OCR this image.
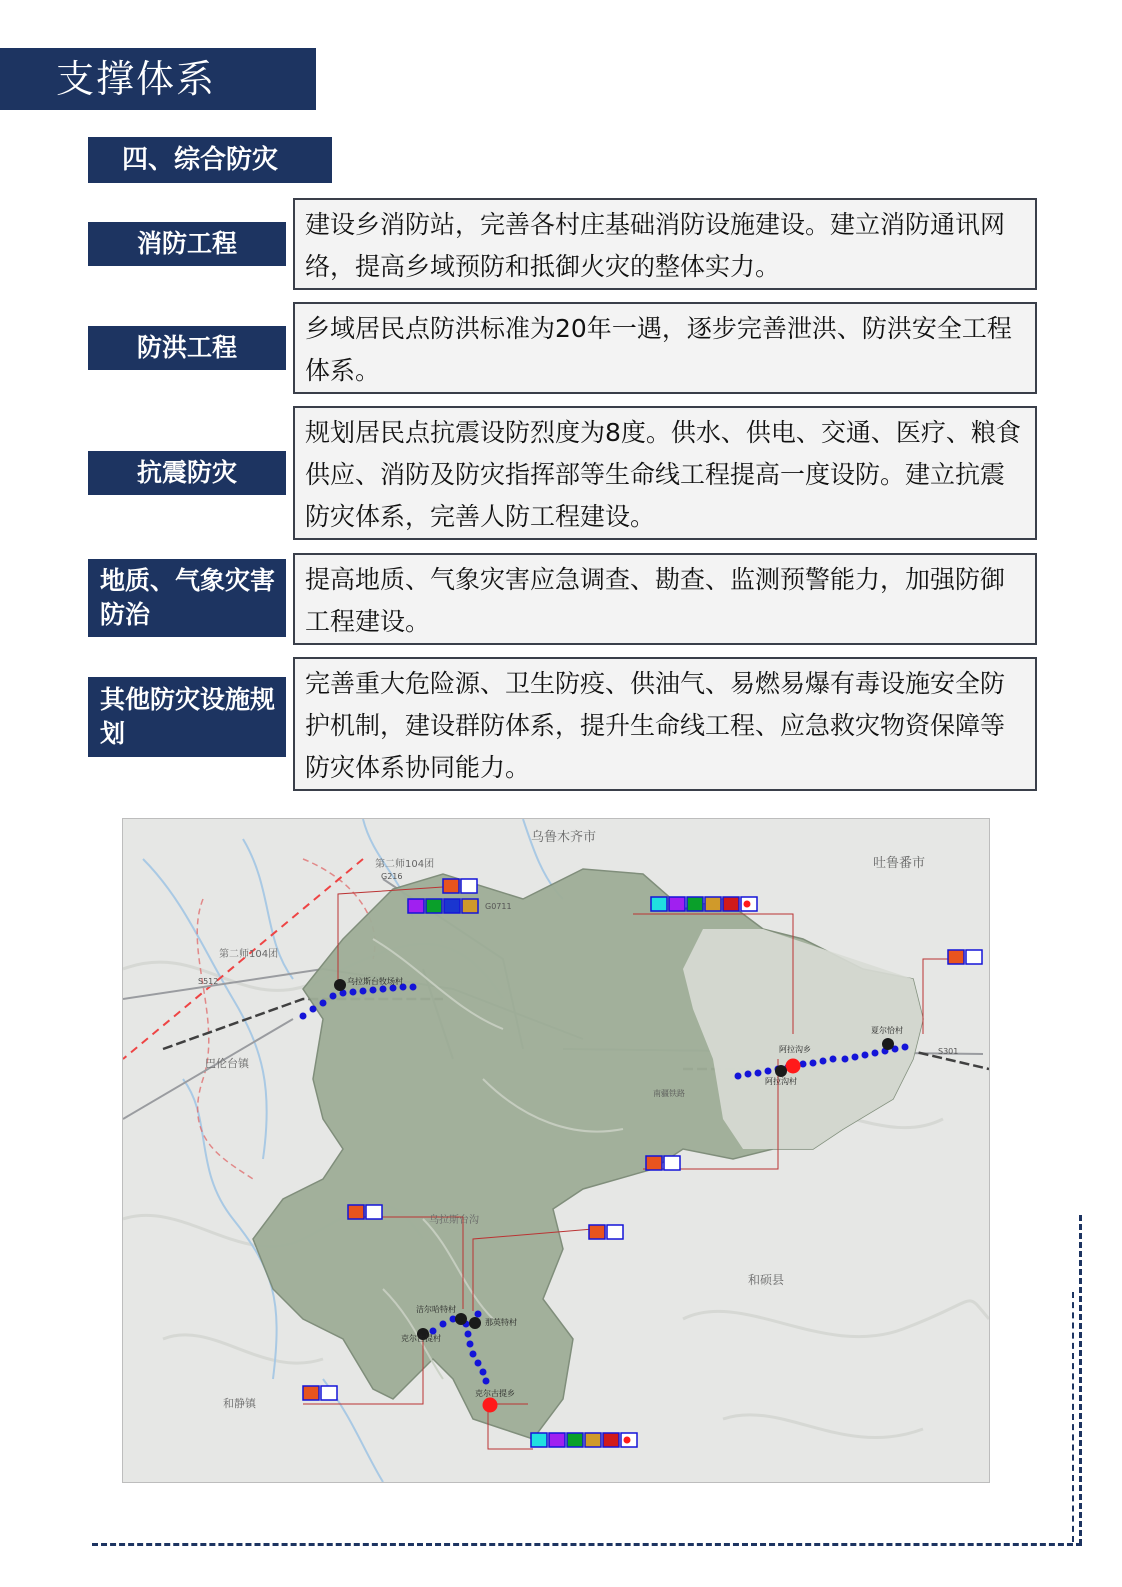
支撑体系
四、综合防灾
消防工程
建设乡消防站，完善各村庄基础消防设施建设。建立消防通讯网络，提高乡域预防和抵御火灾的整体实力。
防洪工程
乡域居民点防洪标准为20年一遇，逐步完善泄洪、防洪安全工程体系。
抗震防灾
规划居民点抗震设防烈度为8度。供水、供电、交通、医疗、粮食供应、消防及防灾指挥部等生命线工程提高一度设防。建立抗震防灾体系，完善人防工程建设。
地质、气象灾害防治
提高地质、气象灾害应急调查、勘查、监测预警能力，加强防御工程建设。
其他防灾设施规划
完善重大危险源、卫生防疫、供油气、易燃易爆有毒设施安全防护机制，建设群防体系，提升生命线工程、应急救灾物资保障等防灾体系协同能力。
乌鲁木齐市
吐鲁番市
第二师104团
第二师104团
巴伦台镇
和硕县
和静镇
乌拉斯台沟
乌拉斯台牧场村
阿拉沟乡
阿拉沟村
夏尔恰村
洁尔哈特村
那英特村
克尔古提村
克尔古提乡
G216
G0711
S512
S301
南疆铁路
